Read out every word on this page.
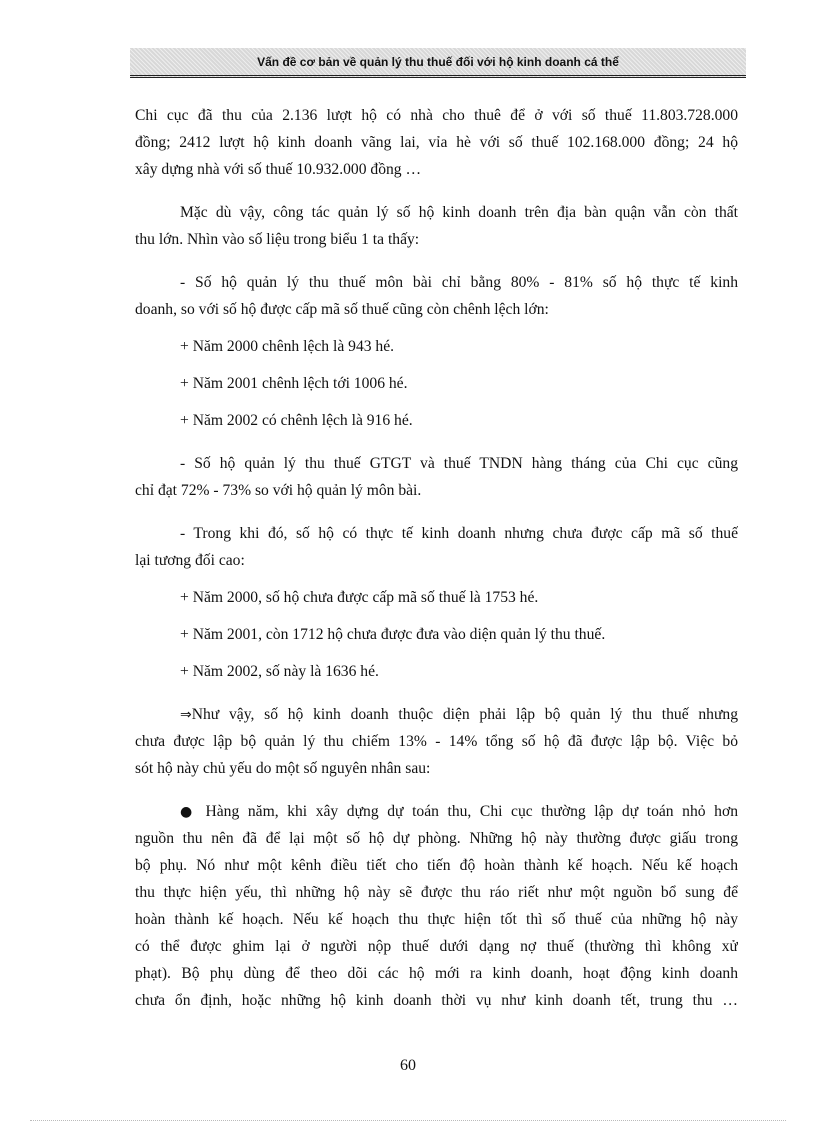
Vấn đề cơ bản về quản lý thu thuế đối với hộ kinh doanh cá thể
Chi cục đã thu của 2.136 lượt hộ có nhà cho thuê để ở với số thuế 11.803.728.000
đồng; 2412 lượt hộ kinh doanh vãng lai, vỉa hè với số thuế 102.168.000 đồng; 24 hộ
xây dựng nhà với số thuế 10.932.000 đồng …
Mặc dù vậy, công tác quản lý số hộ kinh doanh trên địa bàn quận vẫn còn thất
thu lớn. Nhìn vào số liệu trong biểu 1 ta thấy:
- Số hộ quản lý thu thuế môn bài chỉ bằng 80% - 81% số hộ thực tế kinh
doanh, so với số hộ được cấp mã số thuế cũng còn chênh lệch lớn:
+ Năm 2000 chênh lệch là 943 hé.
+ Năm 2001 chênh lệch tới 1006 hé.
+ Năm 2002 có chênh lệch là 916 hé.
- Số hộ quản lý thu thuế GTGT và thuế TNDN hàng tháng của Chi cục cũng
chỉ đạt 72% - 73% so với hộ quản lý môn bài.
- Trong khi đó, số hộ có thực tế kinh doanh nhưng chưa được cấp mã số thuế
lại tương đối cao:
+ Năm 2000, số hộ chưa được cấp mã số thuế là 1753 hé.
+ Năm 2001, còn 1712 hộ chưa được đưa vào diện quản lý thu thuế.
+ Năm 2002, số này là 1636 hé.
⇒Như vậy, số hộ kinh doanh thuộc diện phải lập bộ quản lý thu thuế nhưng
chưa được lập bộ quản lý thu chiếm 13% - 14% tổng số hộ đã được lập bộ. Việc bỏ
sót hộ này chủ yếu do một số nguyên nhân sau:
● Hàng năm, khi xây dựng dự toán thu, Chi cục thường lập dự toán nhỏ hơn
nguồn thu nên đã để lại một số hộ dự phòng. Những hộ này thường được giấu trong
bộ phụ. Nó như một kênh điều tiết cho tiến độ hoàn thành kế hoạch. Nếu kế hoạch
thu thực hiện yếu, thì những hộ này sẽ được thu ráo riết như một nguồn bổ sung để
hoàn thành kế hoạch. Nếu kế hoạch thu thực hiện tốt thì số thuế của những hộ này
có thể được ghim lại ở người nộp thuế dưới dạng nợ thuế (thường thì không xử
phạt). Bộ phụ dùng để theo dõi các hộ mới ra kinh doanh, hoạt động kinh doanh
chưa ổn định, hoặc những hộ kinh doanh thời vụ như kinh doanh tết, trung thu …
60
